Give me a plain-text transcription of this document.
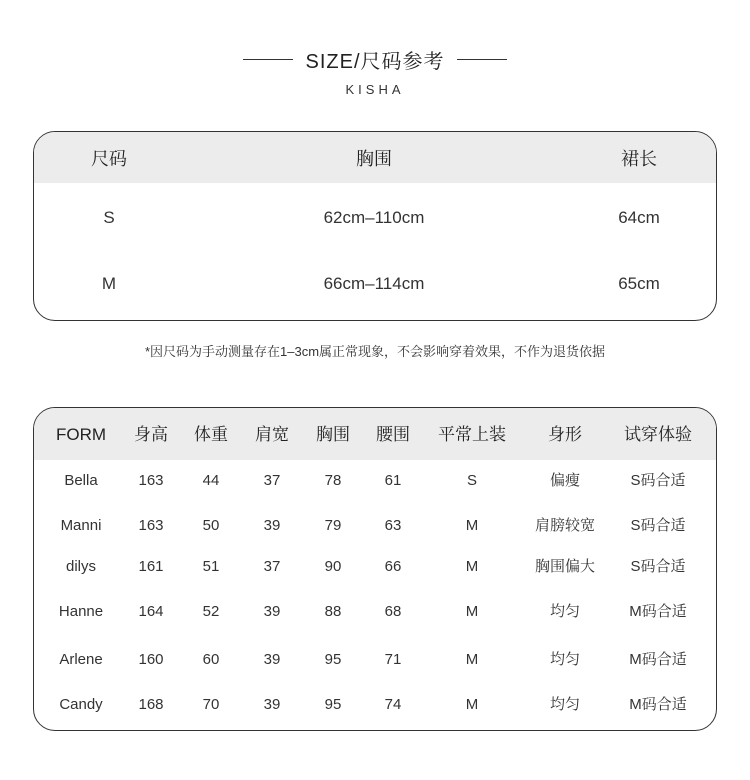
SIZE/尺码参考
KISHA
尺码	胸围	裙长
S	62cm–110cm	64cm
M	66cm–114cm	65cm
*因尺码为手动测量存在1–3cm属正常现象，不会影响穿着效果，不作为退货依据
FORM	身高	体重	肩宽	胸围	腰围	平常上装	身形	试穿体验
Bella	163	44	37	78	61	S	偏瘦	S码合适
Manni	163	50	39	79	63	M	肩膀较宽	S码合适
dilys	161	51	37	90	66	M	胸围偏大	S码合适
Hanne	164	52	39	88	68	M	均匀	M码合适
Arlene	160	60	39	95	71	M	均匀	M码合适
Candy	168	70	39	95	74	M	均匀	M码合适
